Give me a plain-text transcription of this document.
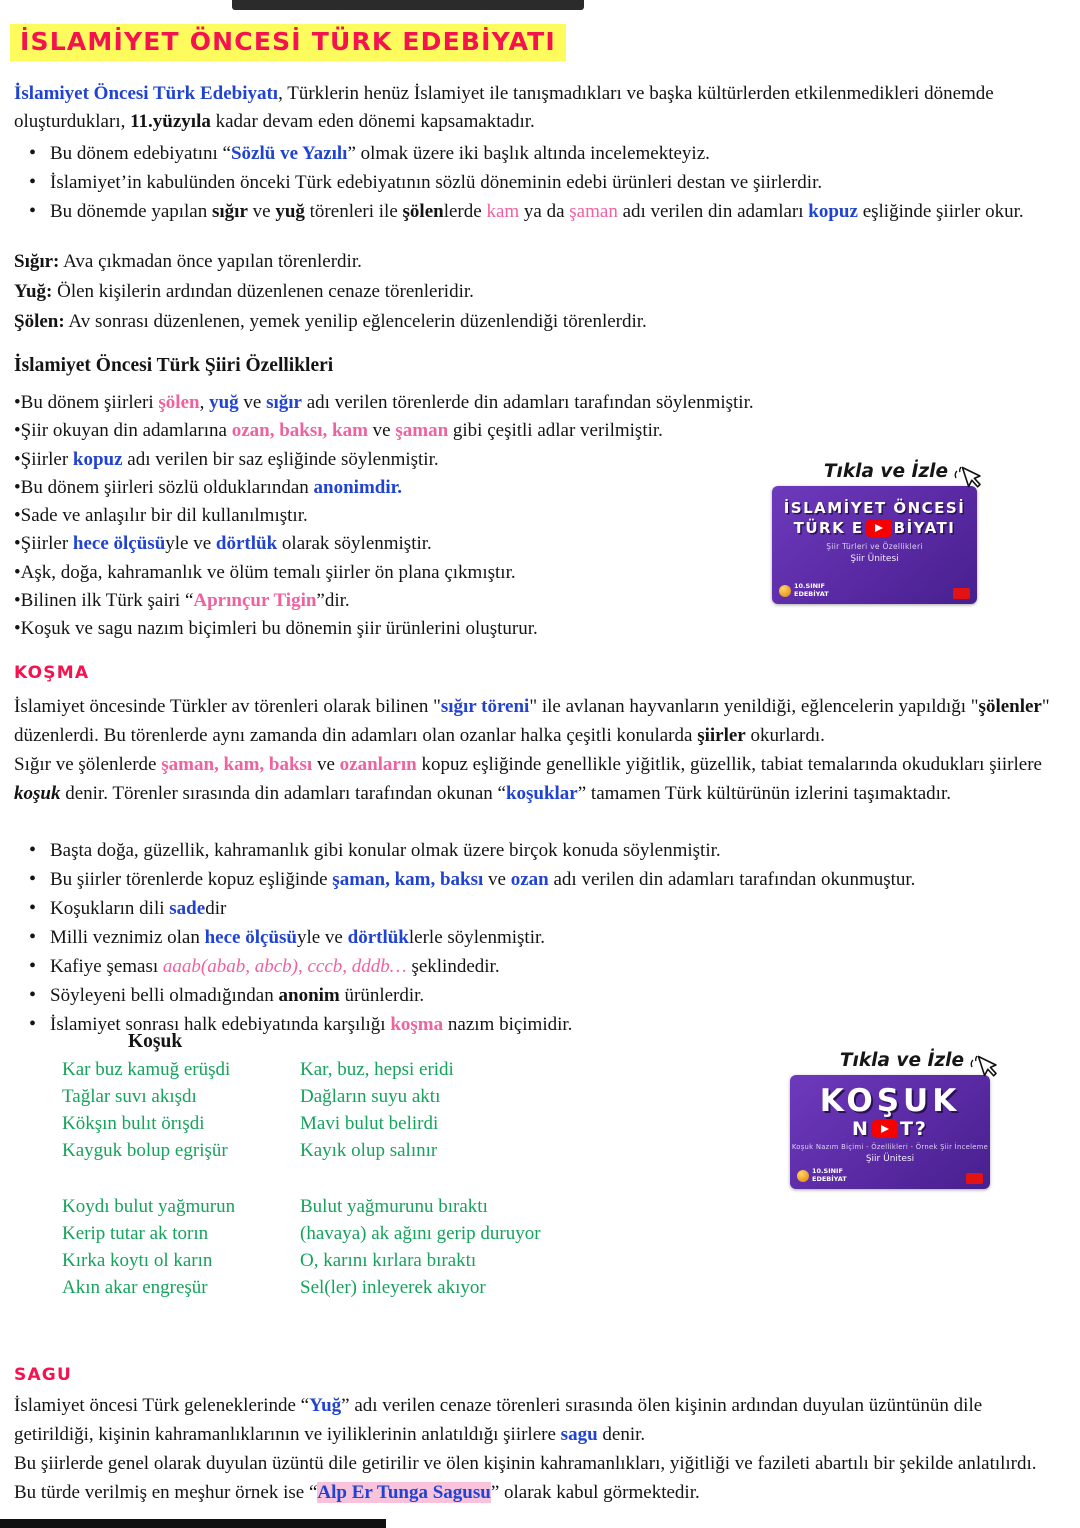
İSLAMİYET ÖNCESİ TÜRK EDEBİYATI

İslamiyet Öncesi Türk Edebiyatı, Türklerin henüz İslamiyet ile tanışmadıkları ve başka kültürlerden etkilenmedikleri dönemde oluşturdukları, 11.yüzyıla kadar devam eden dönemi kapsamaktadır.

• Bu dönem edebiyatını “Sözlü ve Yazılı” olmak üzere iki başlık altında incelemekteyiz.
• İslamiyet’in kabulünden önceki Türk edebiyatının sözlü döneminin edebi ürünleri destan ve şiirlerdir.
• Bu dönemde yapılan sığır ve yuğ törenleri ile şölenlerde kam ya da şaman adı verilen din adamları kopuz eşliğinde şiirler okur.

Sığır: Ava çıkmadan önce yapılan törenlerdir.

Yuğ: Ölen kişilerin ardından düzenlenen cenaze törenleridir.

Şölen: Av sonrası düzenlenen, yemek yenilip eğlencelerin düzenlendiği törenlerdir.

İslamiyet Öncesi Türk Şiiri Özellikleri

•Bu dönem şiirleri şölen, yuğ ve sığır adı verilen törenlerde din adamları tarafından söylenmiştir.

•Şiir okuyan din adamlarına ozan, baksı, kam ve şaman gibi çeşitli adlar verilmiştir.

•Şiirler kopuz adı verilen bir saz eşliğinde söylenmiştir.

•Bu dönem şiirleri sözlü olduklarından anonimdir.

•Sade ve anlaşılır bir dil kullanılmıştır.

•Şiirler hece ölçüsüyle ve dörtlük olarak söylenmiştir.

•Aşk, doğa, kahramanlık ve ölüm temalı şiirler ön plana çıkmıştır.

•Bilinen ilk Türk şairi “Aprınçur Tigin”dir.

•Koşuk ve sagu nazım biçimleri bu dönemin şiir ürünlerini oluşturur.

Tıkla ve İzle
İSLAMİYET ÖNCESİ
TÜRK E BİYATI
Şiir Türleri ve Özellikleri
Şiir Ünitesi
10.SINIF
EDEBİYAT
KOŞMA

İslamiyet öncesinde Türkler av törenleri olarak bilinen "sığır töreni" ile avlanan hayvanların yenildiği, eğlencelerin yapıldığı "şölenler" düzenlerdi. Bu törenlerde aynı zamanda din adamları olan ozanlar halka çeşitli konularda şiirler okurlardı.

Sığır ve şölenlerde şaman, kam, baksı ve ozanların kopuz eşliğinde genellikle yiğitlik, güzellik, tabiat temalarında okudukları şiirlere koşuk denir. Törenler sırasında din adamları tarafından okunan “koşuklar” tamamen Türk kültürünün izlerini taşımaktadır.

• Başta doğa, güzellik, kahramanlık gibi konular olmak üzere birçok konuda söylenmiştir.
• Bu şiirler törenlerde kopuz eşliğinde şaman, kam, baksı ve ozan adı verilen din adamları tarafından okunmuştur.
• Koşukların dili sadedir
• Milli veznimiz olan hece ölçüsüyle ve dörtlüklerle söylenmiştir.
• Kafiye şeması aaab(abab, abcb), cccb, dddb… şeklindedir.
• Söyleyeni belli olmadığından anonim ürünlerdir.
• İslamiyet sonrası halk edebiyatında karşılığı koşma nazım biçimidir.
Koşuk
Kar buz kamuğ erüşdi
Tağlar suvı akışdı
Kökşın bulıt örışdi
Kayguk bolup egrişür
Kar, buz, hepsi eridi
Dağların suyu aktı
Mavi bulut belirdi
Kayık olup salınır
Koydı bulut yağmurun
Kerip tutar ak torın
Kırka koytı ol karın
Akın akar engreşür
Bulut yağmurunu bıraktı
(havaya) ak ağını gerip duruyor
O, karını kırlara bıraktı
Sel(ler) inleyerek akıyor
Tıkla ve İzle
KOŞUK
N T?
Koşuk Nazım Biçimi - Özellikleri - Örnek Şiir İnceleme
Şiir Ünitesi
10.SINIF
EDEBİYAT
SAGU

İslamiyet öncesi Türk geleneklerinde “Yuğ” adı verilen cenaze törenleri sırasında ölen kişinin ardından duyulan üzüntünün dile getirildiği, kişinin kahramanlıklarının ve iyiliklerinin anlatıldığı şiirlere sagu denir.

Bu şiirlerde genel olarak duyulan üzüntü dile getirilir ve ölen kişinin kahramanlıkları, yiğitliği ve fazileti abartılı bir şekilde anlatılırdı.

Bu türde verilmiş en meşhur örnek ise “Alp Er Tunga Sagusu” olarak kabul görmektedir.
